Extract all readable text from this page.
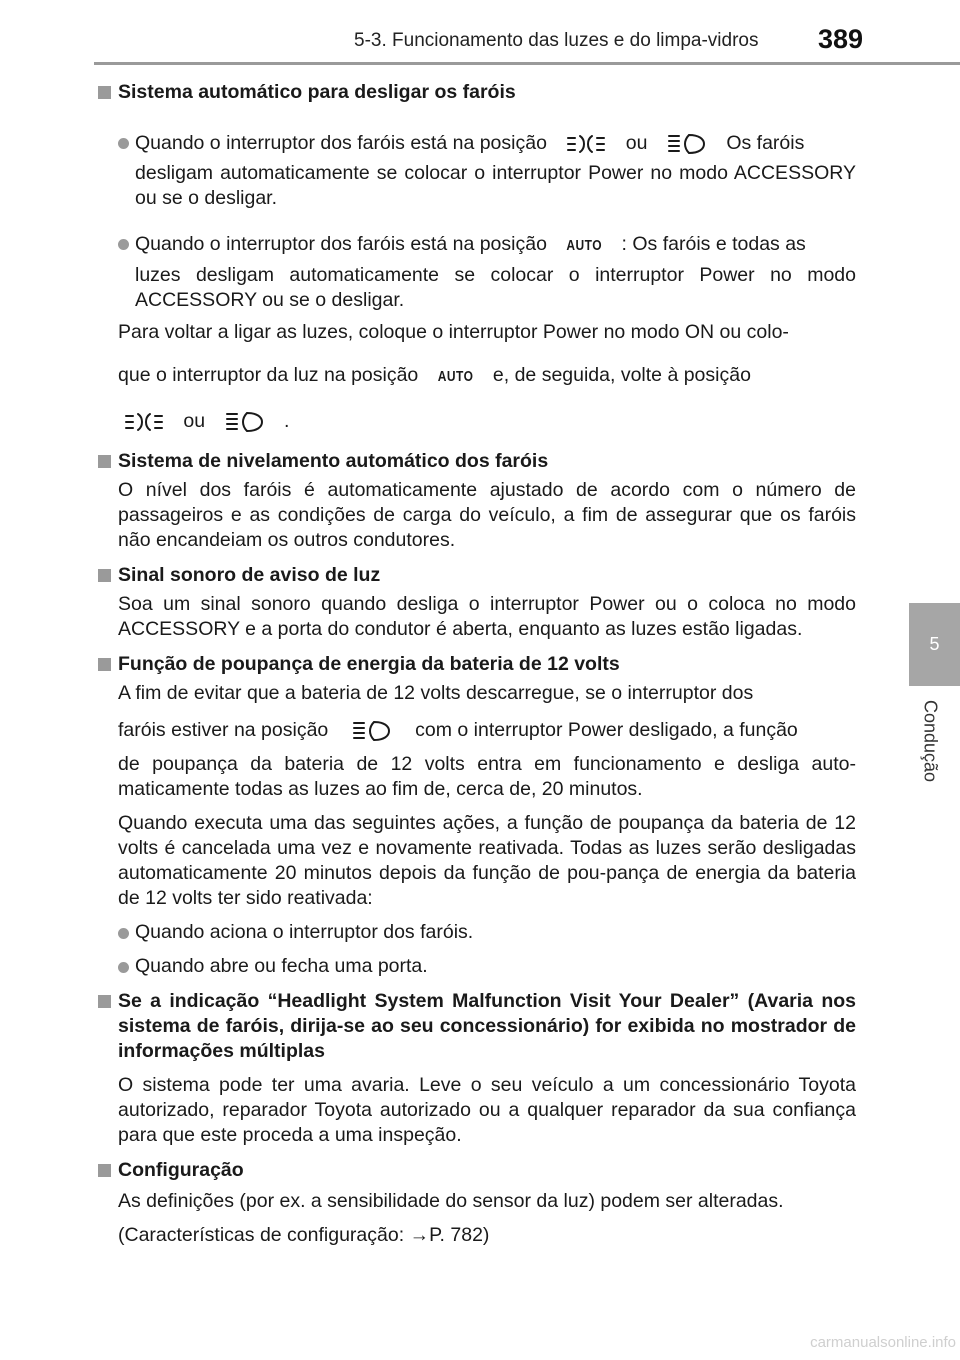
5-3. Funcionamento das luzes e do limpa-vidros	389
5
Condução

Sistema automático para desligar os faróis

Quando o interruptor dos faróis está na posição	ou	Os faróis

desligam automaticamente se colocar o interruptor Power no modo ACCESSORY ou se o desligar.

Quando o interruptor dos faróis está na posição AUTO : Os faróis e todas as

luzes desligam automaticamente se colocar o interruptor Power no modo ACCESSORY ou se o desligar.

Para voltar a ligar as luzes, coloque o interruptor Power no modo ON ou colo-

que o interruptor da luz na posição AUTO e, de seguida, volte à posição

ou	.

Sistema de nivelamento automático dos faróis

O nível dos faróis é automaticamente ajustado de acordo com o número de passageiros e as condições de carga do veículo, a fim de assegurar que os faróis não encandeiam os outros condutores.

Sinal sonoro de aviso de luz

Soa um sinal sonoro quando desliga o interruptor Power ou o coloca no modo ACCESSORY e a porta do condutor é aberta, enquanto as luzes estão ligadas.

Função de poupança de energia da bateria de 12 volts

A fim de evitar que a bateria de 12 volts descarregue, se o interruptor dos

faróis estiver na posição	com o interruptor Power desligado, a função

de poupança da bateria de 12 volts entra em funcionamento e desliga auto-maticamente todas as luzes ao fim de, cerca de, 20 minutos.

Quando executa uma das seguintes ações, a função de poupança da bateria de 12 volts é cancelada uma vez e novamente reativada. Todas as luzes serão desligadas automaticamente 20 minutos depois da função de pou-pança de energia da bateria de 12 volts ter sido reativada:

Quando aciona o interruptor dos faróis.

Quando abre ou fecha uma porta.

Se a indicação “Headlight System Malfunction Visit Your Dealer” (Avaria nos sistema de faróis, dirija-se ao seu concessionário) for exibida no mostrador de informações múltiplas

O sistema pode ter uma avaria. Leve o seu veículo a um concessionário Toyota autorizado, reparador Toyota autorizado ou a qualquer reparador da sua confiança para que este proceda a uma inspeção.

Configuração

As definições (por ex. a sensibilidade do sensor da luz) podem ser alteradas.

(Características de configuração: →P. 782)

carmanualsonline.info
